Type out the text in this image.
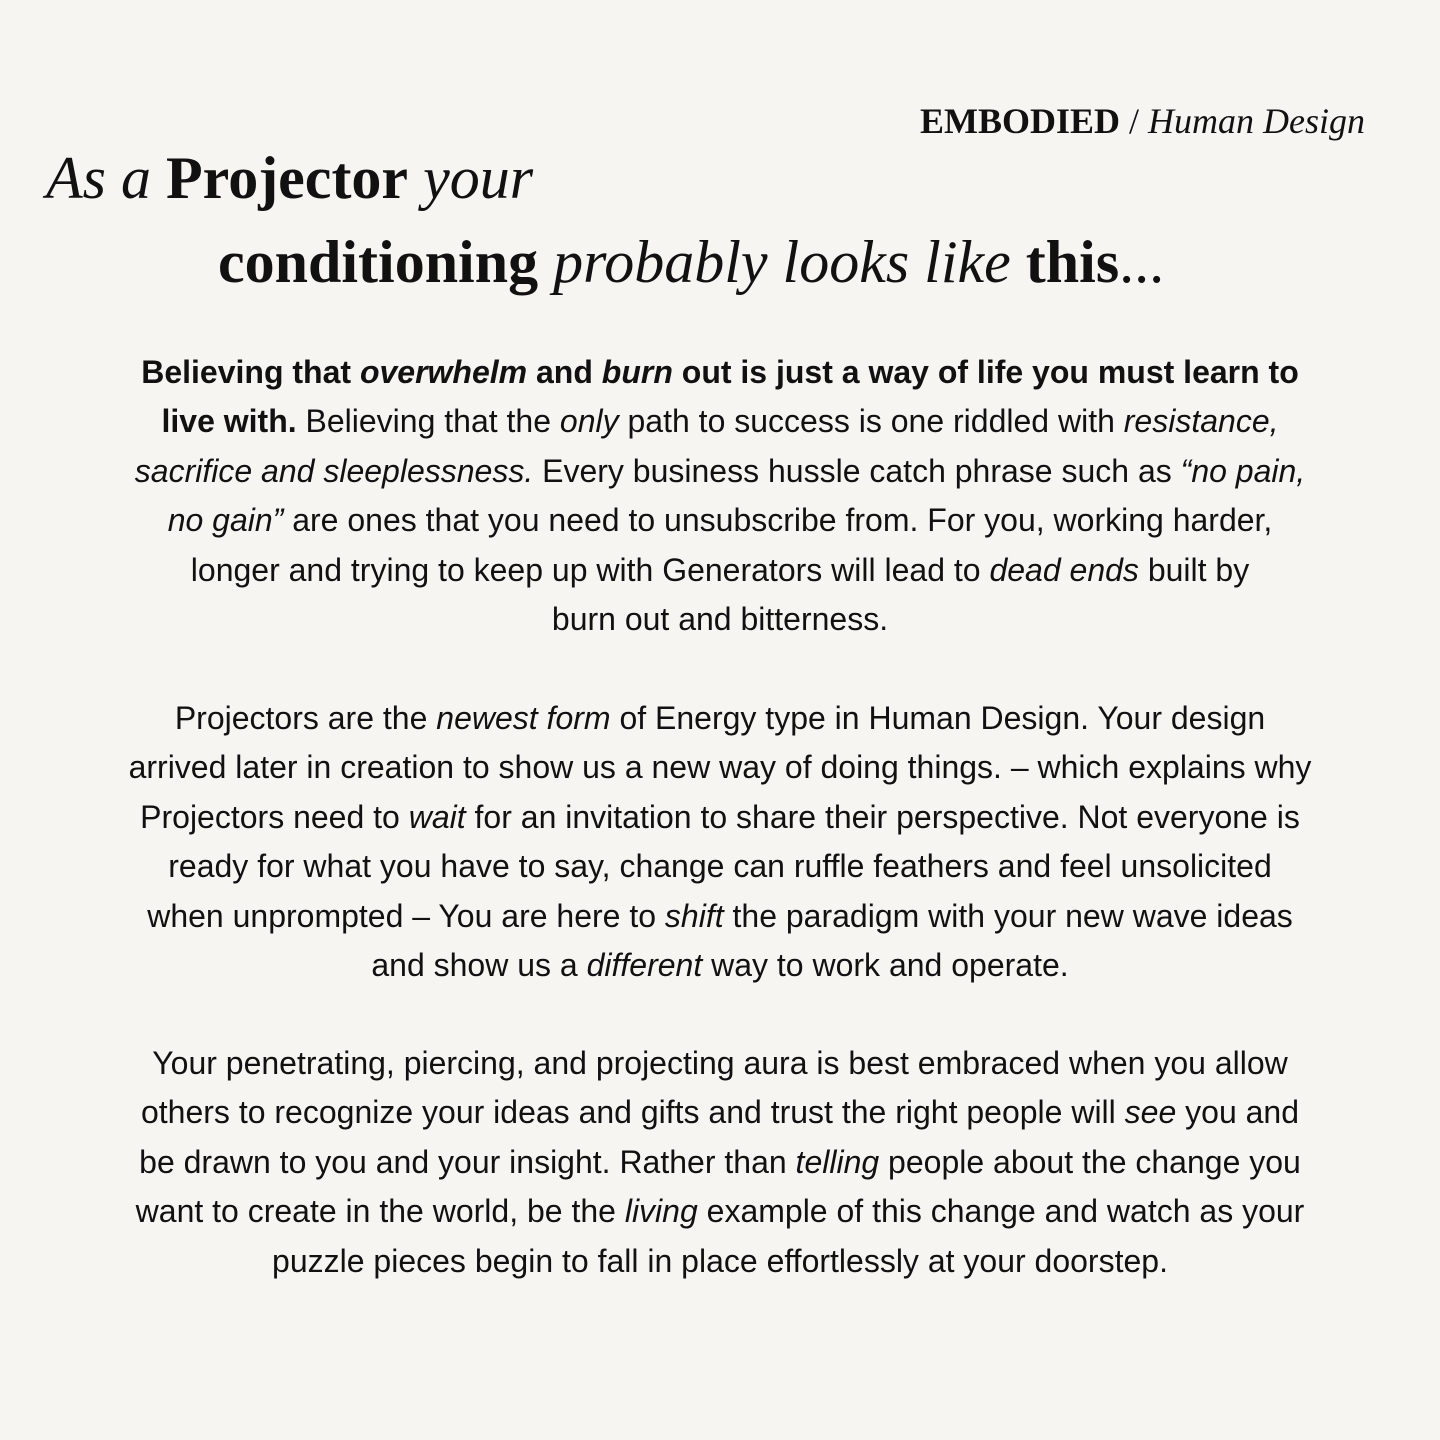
EMBODIED / Human Design
As a Projector your
conditioning probably looks like this...
Believing that overwhelm and burn out is just a way of life you must learn to
live with. Believing that the only path to success is one riddled with resistance,
sacrifice and sleeplessness. Every business hussle catch phrase such as “no pain,
no gain” are ones that you need to unsubscribe from. For you, working harder,
longer and trying to keep up with Generators will lead to dead ends built by
burn out and bitterness.
Projectors are the newest form of Energy type in Human Design. Your design
arrived later in creation to show us a new way of doing things. – which explains why
Projectors need to wait for an invitation to share their perspective. Not everyone is
ready for what you have to say, change can ruffle feathers and feel unsolicited
when unprompted – You are here to shift the paradigm with your new wave ideas
and show us a different way to work and operate.
Your penetrating, piercing, and projecting aura is best embraced when you allow
others to recognize your ideas and gifts and trust the right people will see you and
be drawn to you and your insight. Rather than telling people about the change you
want to create in the world, be the living example of this change and watch as your
puzzle pieces begin to fall in place effortlessly at your doorstep.
